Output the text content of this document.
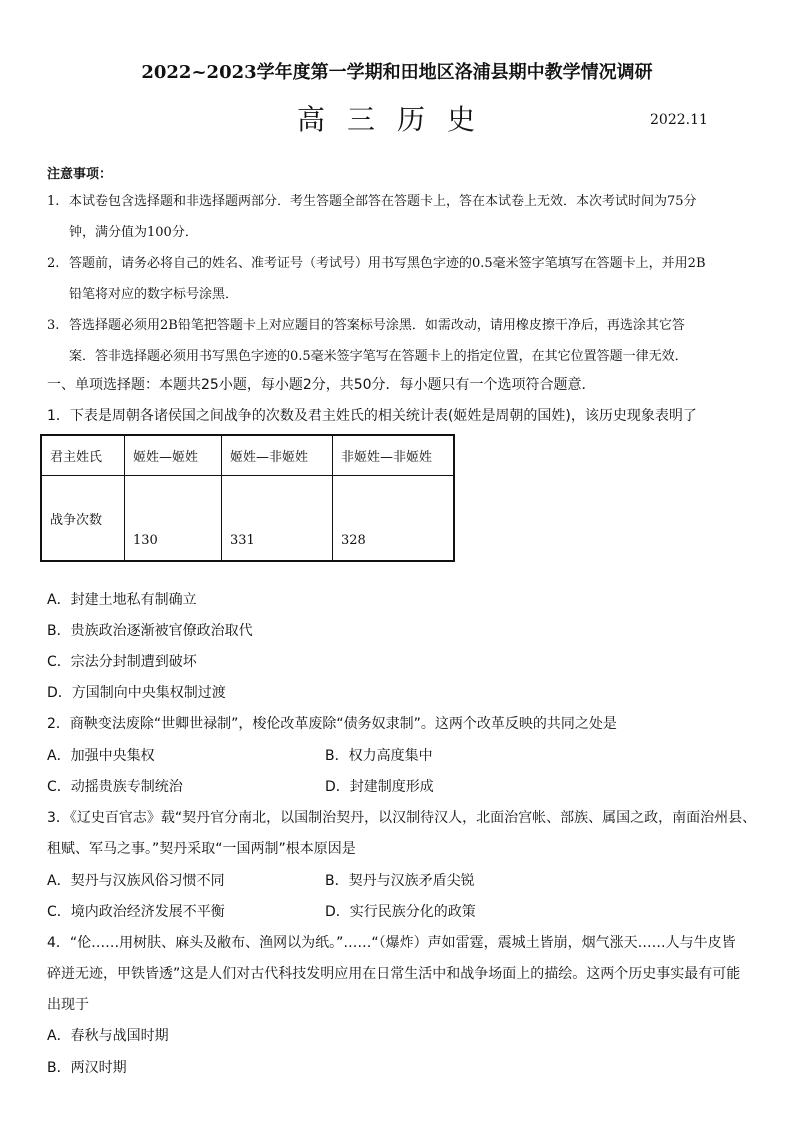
2022~2023学年度第一学期和田地区洛浦县期中教学情况调研
高三历史	2022.11
注意事项：
1. 本试卷包含选择题和非选择题两部分．考生答题全部答在答题卡上，答在本试卷上无效．本次考试时间为75分
钟，满分值为100分．
2. 答题前，请务必将自己的姓名、准考证号（考试号）用书写黑色字迹的0.5毫米签字笔填写在答题卡上，并用2B
铅笔将对应的数字标号涂黑．
3. 答选择题必须用2B铅笔把答题卡上对应题目的答案标号涂黑．如需改动，请用橡皮擦干净后，再选涂其它答
案．答非选择题必须用书写黑色字迹的0.5毫米签字笔写在答题卡上的指定位置，在其它位置答题一律无效．
一、单项选择题：本题共25小题，每小题2分，共50分．每小题只有一个选项符合题意．
1．下表是周朝各诸侯国之间战争的次数及君主姓氏的相关统计表(姬姓是周朝的国姓)，该历史现象表明了
君主姓氏	姬姓—姬姓	姬姓—非姬姓	非姬姓—非姬姓
战争次数	130	331	328
A．封建土地私有制确立
B．贵族政治逐渐被官僚政治取代
C．宗法分封制遭到破坏
D．方国制向中央集权制过渡
2．商鞅变法废除“世卿世禄制”，梭伦改革废除“债务奴隶制”。这两个改革反映的共同之处是
A．加强中央集权	B．权力高度集中
C．动摇贵族专制统治	D．封建制度形成
3．《辽史百官志》载“契丹官分南北，以国制治契丹，以汉制待汉人，北面治宫帐、部族、属国之政，南面治州县、
租赋、军马之事。”契丹采取“一国两制”根本原因是
A．契丹与汉族风俗习惯不同	B．契丹与汉族矛盾尖锐
C．境内政治经济发展不平衡	D．实行民族分化的政策
4．“伦……用树肤、麻头及敝布、渔网以为纸。”……“（爆炸）声如雷霆，震城土皆崩，烟气涨天……人与牛皮皆
碎迸无迹，甲铁皆透”这是人们对古代科技发明应用在日常生活中和战争场面上的描绘。这两个历史事实最有可能
出现于
A．春秋与战国时期
B．两汉时期
